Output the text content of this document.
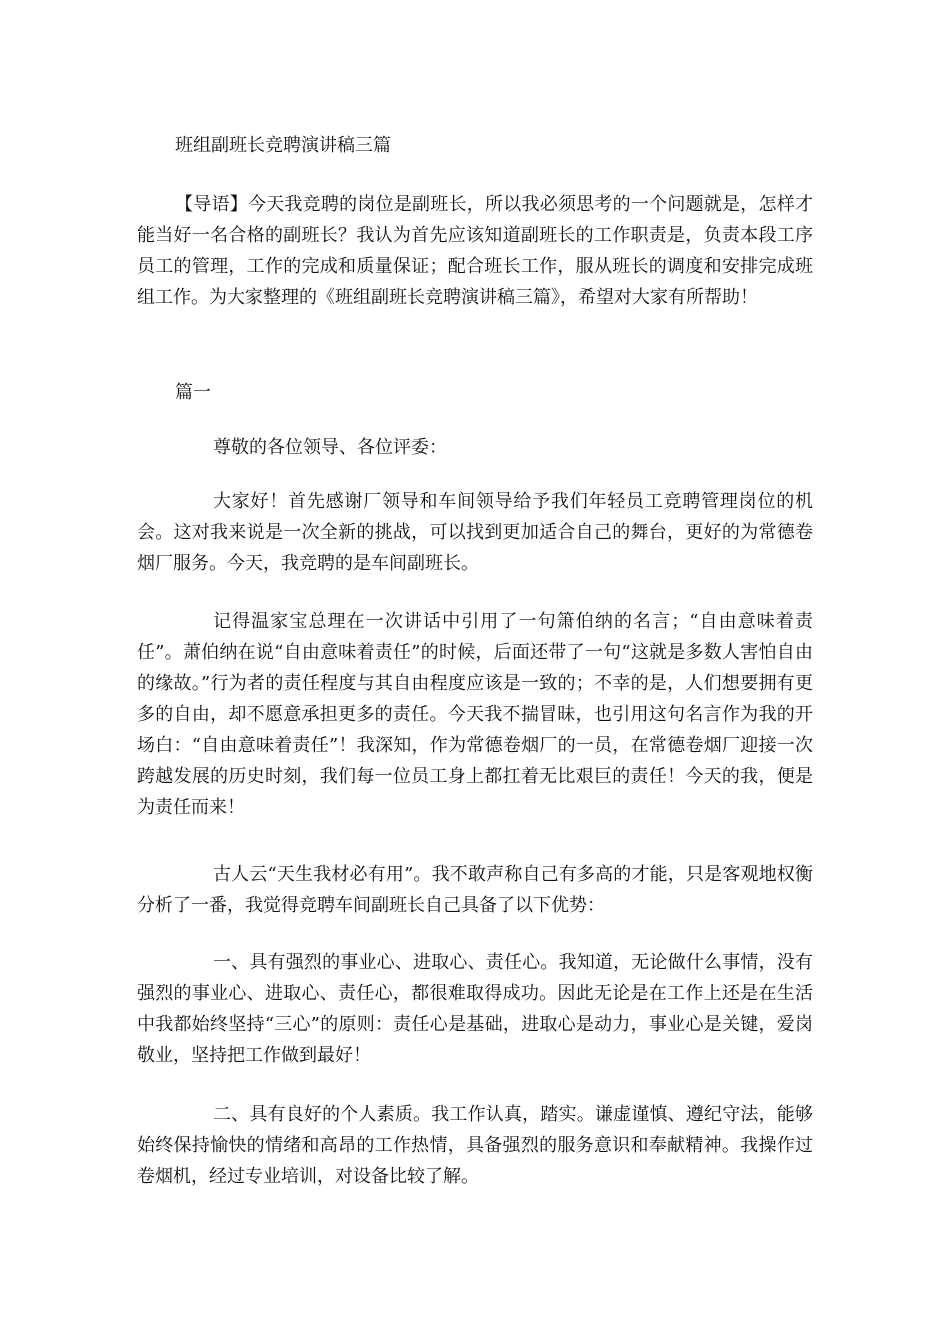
班组副班长竞聘演讲稿三篇

【导语】今天我竞聘的岗位是副班长，所以我必须思考的一个问题就是，怎样才能当好一名合格的副班长？我认为首先应该知道副班长的工作职责是，负责本段工序员工的管理，工作的完成和质量保证；配合班长工作，服从班长的调度和安排完成班组工作。为大家整理的《班组副班长竞聘演讲稿三篇》，希望对大家有所帮助！

篇一
尊敬的各位领导、各位评委：

大家好！首先感谢厂领导和车间领导给予我们年轻员工竞聘管理岗位的机会。这对我来说是一次全新的挑战，可以找到更加适合自己的舞台，更好的为常德卷烟厂服务。今天，我竞聘的是车间副班长。

记得温家宝总理在一次讲话中引用了一句箫伯纳的名言；“自由意味着责任”。萧伯纳在说“自由意味着责任”的时候，后面还带了一句“这就是多数人害怕自由的缘故。”行为者的责任程度与其自由程度应该是一致的；不幸的是，人们想要拥有更多的自由，却不愿意承担更多的责任。今天我不揣冒昧，也引用这句名言作为我的开场白：“自由意味着责任”！我深知，作为常德卷烟厂的一员，在常德卷烟厂迎接一次跨越发展的历史时刻，我们每一位员工身上都扛着无比艰巨的责任！今天的我，便是为责任而来！

古人云“天生我材必有用”。我不敢声称自己有多高的才能，只是客观地权衡分析了一番，我觉得竞聘车间副班长自己具备了以下优势：

一、具有强烈的事业心、进取心、责任心。我知道，无论做什么事情，没有强烈的事业心、进取心、责任心，都很难取得成功。因此无论是在工作上还是在生活中我都始终坚持“三心”的原则：责任心是基础，进取心是动力，事业心是关键，爱岗敬业，坚持把工作做到最好！

二、具有良好的个人素质。我工作认真，踏实。谦虚谨慎、遵纪守法，能够始终保持愉快的情绪和高昂的工作热情，具备强烈的服务意识和奉献精神。我操作过卷烟机，经过专业培训，对设备比较了解。
